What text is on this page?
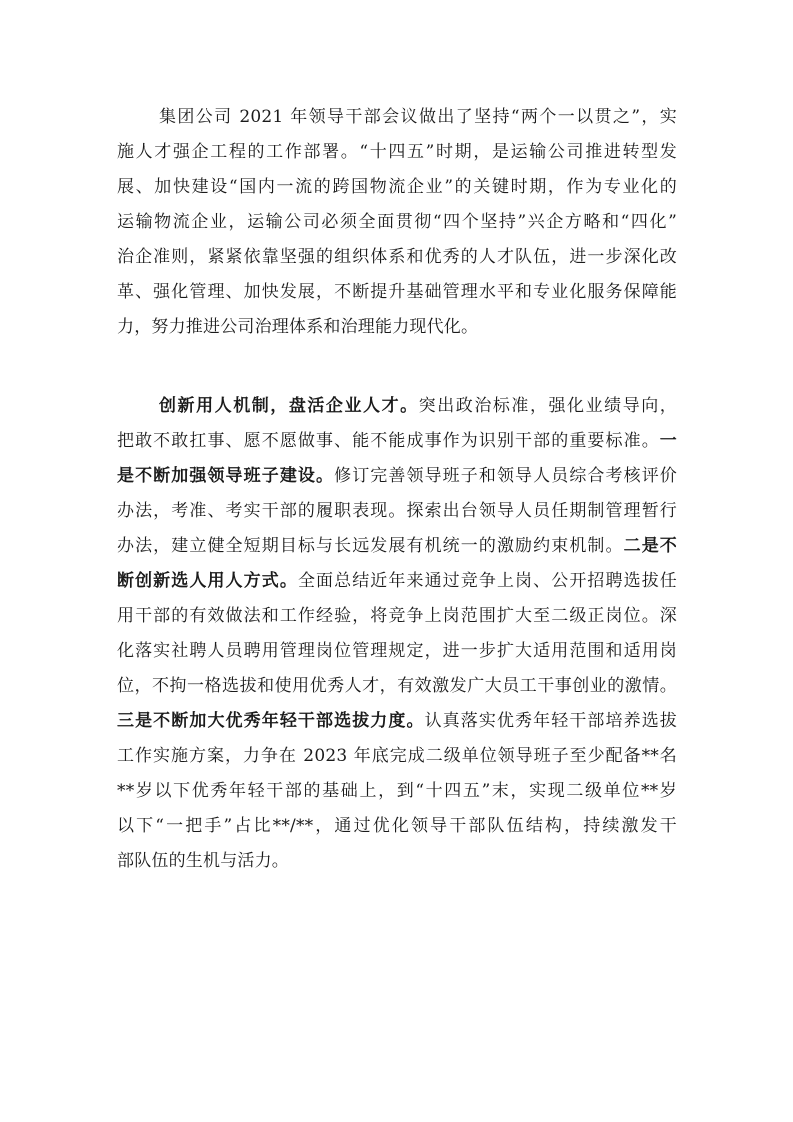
集团公司 2021 年领导干部会议做出了坚持“两个一以贯之”，实
施人才强企工程的工作部署。“十四五”时期，是运输公司推进转型发
展、加快建设“国内一流的跨国物流企业”的关键时期，作为专业化的
运输物流企业，运输公司必须全面贯彻“四个坚持”兴企方略和“四化”
治企准则，紧紧依靠坚强的组织体系和优秀的人才队伍，进一步深化改
革、强化管理、加快发展，不断提升基础管理水平和专业化服务保障能
力，努力推进公司治理体系和治理能力现代化。
创新用人机制，盘活企业人才。突出政治标准，强化业绩导向，
把敢不敢扛事、愿不愿做事、能不能成事作为识别干部的重要标准。一
是不断加强领导班子建设。修订完善领导班子和领导人员综合考核评价
办法，考准、考实干部的履职表现。探索出台领导人员任期制管理暂行
办法，建立健全短期目标与长远发展有机统一的激励约束机制。二是不
断创新选人用人方式。全面总结近年来通过竞争上岗、公开招聘选拔任
用干部的有效做法和工作经验，将竞争上岗范围扩大至二级正岗位。深
化落实社聘人员聘用管理岗位管理规定，进一步扩大适用范围和适用岗
位，不拘一格选拔和使用优秀人才，有效激发广大员工干事创业的激情。
三是不断加大优秀年轻干部选拔力度。认真落实优秀年轻干部培养选拔
工作实施方案，力争在 2023 年底完成二级单位领导班子至少配备**名
**岁以下优秀年轻干部的基础上，到“十四五”末，实现二级单位**岁
以下“一把手”占比**/**，通过优化领导干部队伍结构，持续激发干
部队伍的生机与活力。
